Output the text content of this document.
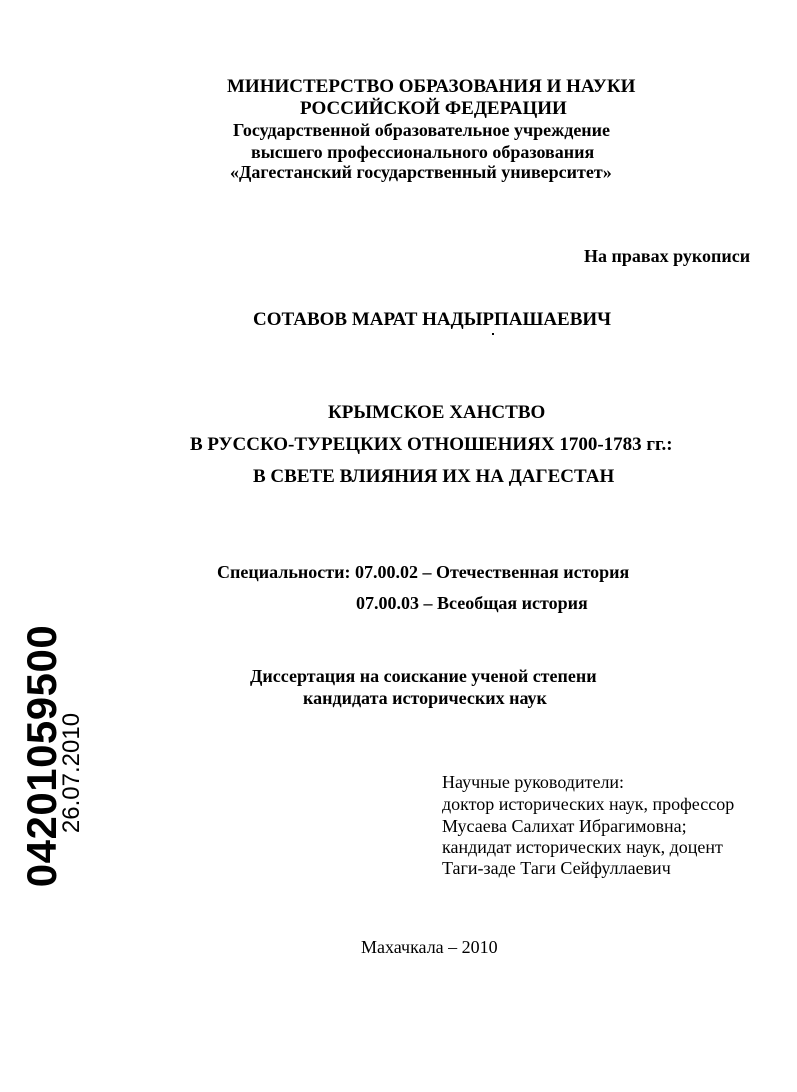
МИНИСТЕРСТВО ОБРАЗОВАНИЯ И НАУКИ
РОССИЙСКОЙ ФЕДЕРАЦИИ
Государственной образовательное учреждение
высшего профессионального образования
«Дагестанский государственный университет»
На правах рукописи
СОТАВОВ МАРАТ НАДЫРПАШАЕВИЧ
КРЫМСКОЕ ХАНСТВО
В РУССКО-ТУРЕЦКИХ ОТНОШЕНИЯХ 1700-1783 гг.:
В СВЕТЕ ВЛИЯНИЯ ИХ НА ДАГЕСТАН
Специальности: 07.00.02 – Отечественная история
07.00.03 – Всеобщая история
Диссертация на соискание ученой степени
кандидата исторических наук
Научные руководители:
доктор исторических наук, профессор
Мусаева Салихат Ибрагимовна;
кандидат исторических наук, доцент
Таги-заде Таги Сейфуллаевич
Махачкала – 2010
04201059500
26.07.2010
